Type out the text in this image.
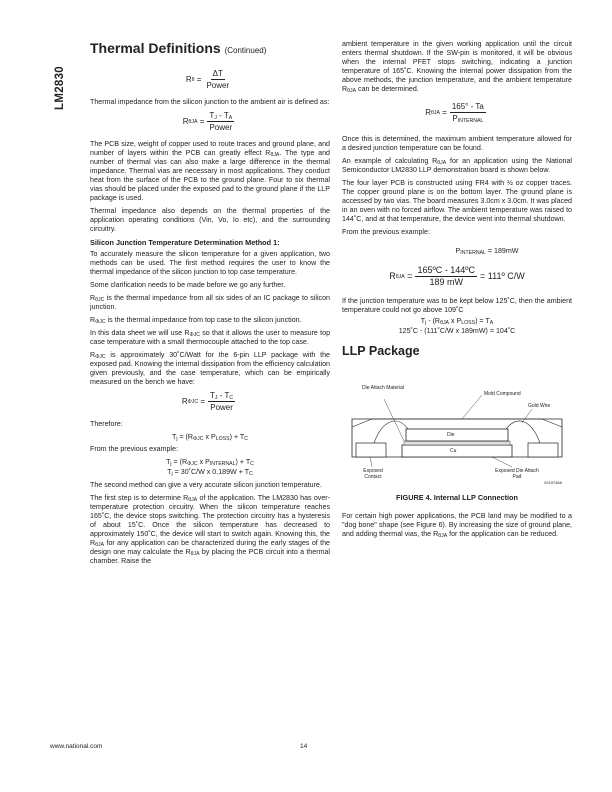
LM2830
Thermal Definitions (Continued)
R $\theta = \frac{\Delta T}{\text{Power}}$

Thermal impedance from the silicon junction to the ambient air is defined as:

R $\theta JA = \frac{T_J - T_A}{\text{Power}}$

The PCB size, weight of copper used to route traces and ground plane, and number of layers within the PCB can greatly effect $R_{\theta JA}$. The type and number of thermal vias can also make a large difference in the thermal impedance. Thermal vias are necessary in most applications. They conduct heat from the surface of the PCB to the ground plane. Four to six thermal vias should be placed under the exposed pad to the ground plane if the LLP package is used.

Thermal impedance also depends on the thermal properties of the application operating conditions (Vin, Vo, Io etc), and the surrounding circuitry.

Silicon Junction Temperature Determination Method 1:

To accurately measure the silicon temperature for a given application, two methods can be used. The first method requires the user to know the thermal impedance of the silicon junction to top case temperature.

Some clarification needs to be made before we go any further.

$R_{\theta JC}$ is the thermal impedance from all six sides of an IC package to silicon junction.

$R_{\Phi JC}$ is the thermal impedance from top case to the silicon junction.

In this data sheet we will use $R_{\Phi JC}$ so that it allows the user to measure top case temperature with a small thermocouple attached to the top case.

$R_{\Phi JC}$ is approximately 30˚C/Watt for the 6-pin LLP package with the exposed pad. Knowing the internal dissipation from the efficiency calculation given previously, and the case temperature, which can be empirically measured on the bench we have:

R $\Phi JC = \frac{T_J - T_C}{\text{Power}}$

Therefore:

$T_j = (R_{\Phi JC}$ x $P_{LOSS}) + T_C$

From the previous example:

$T_j = (R_{\Phi JC}$ x $P_{INTERNAL}) + T_C$
$T_j$ = 30˚C/W x $0.189W + T_C$

The second method can give a very accurate silicon junction temperature.

The first step is to determine $R_{\theta JA}$ of the application. The LM2830 has over-temperature protection circuitry. When the silicon temperature reaches 165˚C, the device stops switching. The protection circuitry has a hysteresis of about 15˚C. Once the silicon temperature has decreased to approximately 150˚C, the device will start to switch again. Knowing this, the $R_{\theta JA}$ for any application can be characterized during the early stages of the design one may calculate the $R_{\theta JA}$ by placing the PCB circuit into a thermal chamber. Raise the

ambient temperature in the given working application until the circuit enters thermal shutdown. If the SW-pin is monitored, it will be obvious when the internal PFET stops switching, indicating a junction temperature of 165˚C. Knowing the internal power dissipation from the above methods, the junction temperature, and the ambient temperature $R_{\theta JA}$ can be determined.

R $\theta JA = \frac{165^\circ - Ta}{P_{INTERNAL}}$

Once this is determined, the maximum ambient temperature allowed for a desired junction temperature can be found.

An example of calculating $R_{\theta JA}$ for an application using the National Semiconductor LM2830 LLP demonstration board is shown below.

The four layer PCB is constructed using FR4 with ½ oz copper traces. The copper ground plane is on the bottom layer. The ground plane is accessed by two vias. The board measures 3.0cm x 3.0cm. It was placed in an oven with no forced airflow. The ambient temperature was raised to 144˚C, and at that temperature, the device went into thermal shutdown.

From the previous example:

$P_{INTERNAL} = 189mW$
R $\theta JA = \frac{\text{165ºC - 144ºC}}{189 mW}$ = 111º C/W

If the junction temperature was to be kept below 125˚C, then the ambient temperature could not go above 109˚C

$T_j - (R_{\theta JA}$ x $P_{LOSS}) = T_A$
125˚C - (111˚C/W x 189mW) = 104˚C
LLP Package
Die Attach Material
Mold Compound
Gold Wire
Die
Cu
Exposed Contact
Exposed Die Attach Pad
20197468
FIGURE 4. Internal LLP Connection

For certain high power applications, the PCB land may be modified to a "dog bone" shape (see Figure 6). By increasing the size of ground plane, and adding thermal vias, the $R_{\theta JA}$ for the application can be reduced.

www.national.com	14
